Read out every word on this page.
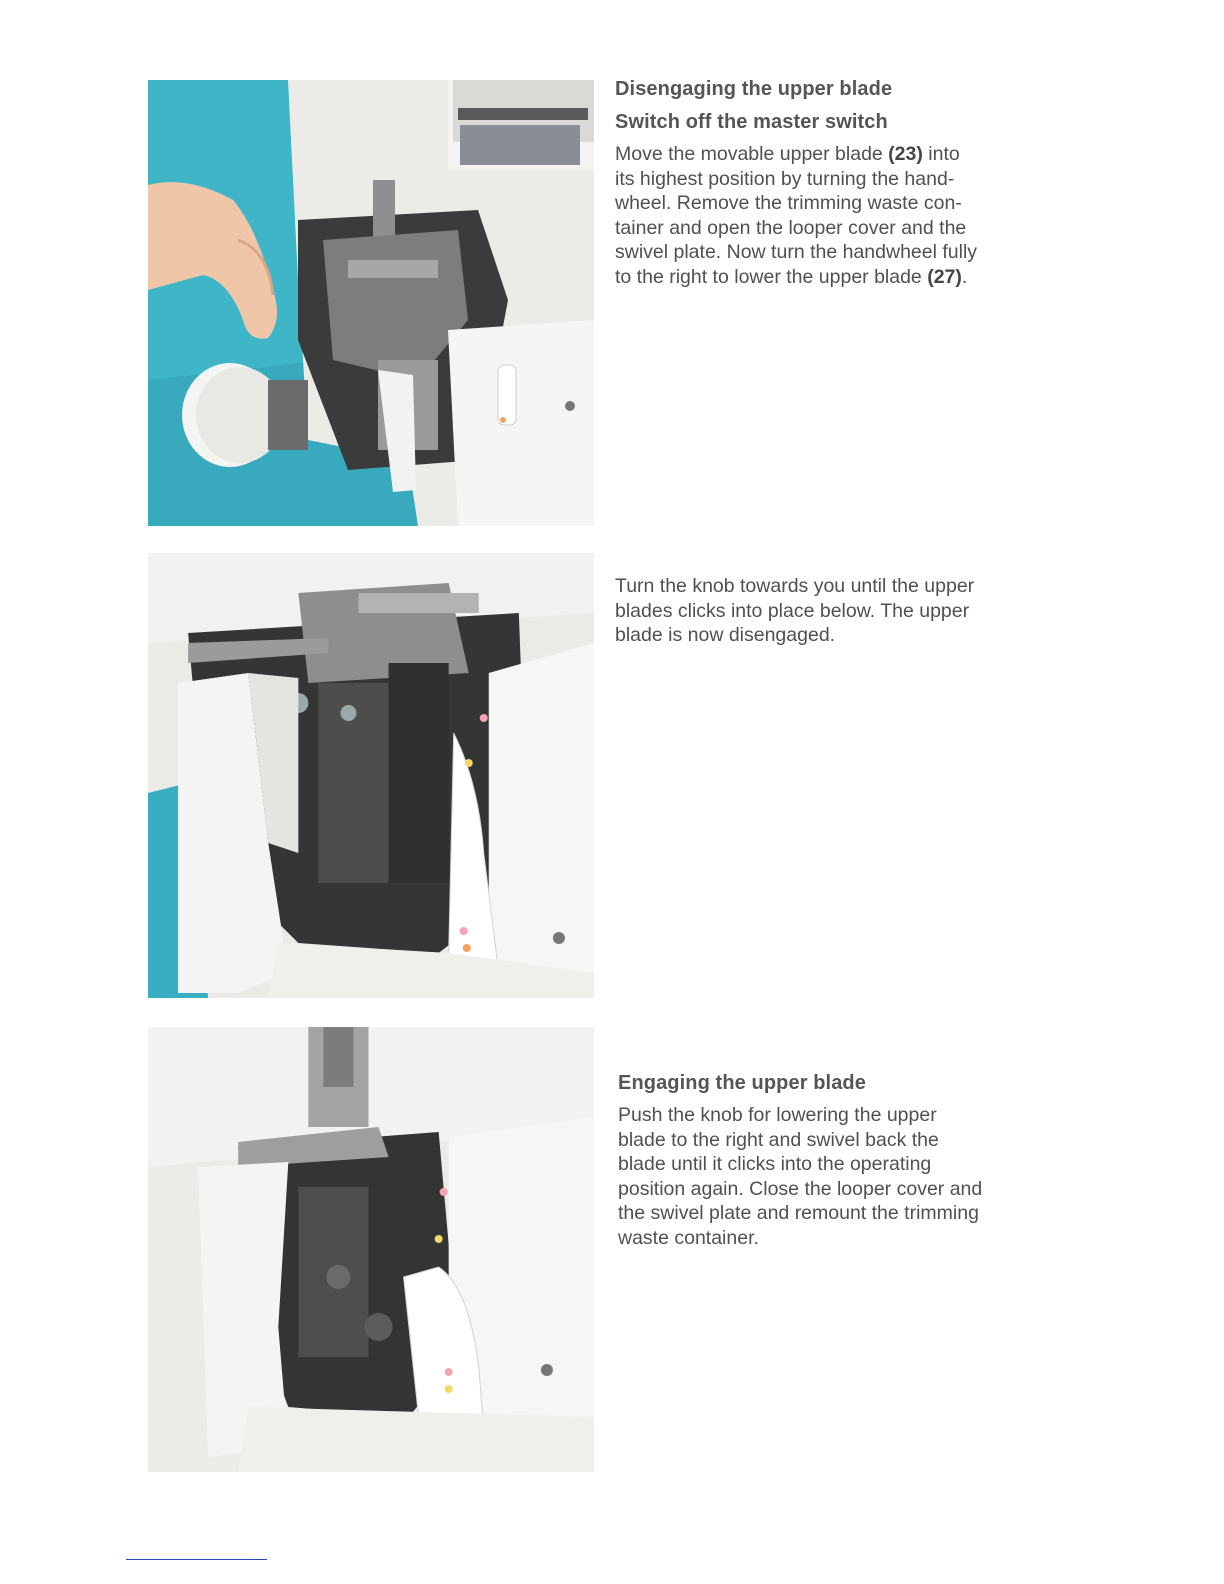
Disengaging the upper blade

Switch off the master switch

Move the movable upper blade (23) into
its highest position by turning the hand-
wheel. Remove the trimming waste con-
tainer and open the looper cover and the
swivel plate. Now turn the handwheel fully
to the right to lower the upper blade (27).

Turn the knob towards you until the upper
blades clicks into place below. The upper
blade is now disengaged.

Engaging the upper blade

Push the knob for lowering the upper
blade to the right and swivel back the
blade until it clicks into the operating
position again. Close the looper cover and
the swivel plate and remount the trimming
waste container.
